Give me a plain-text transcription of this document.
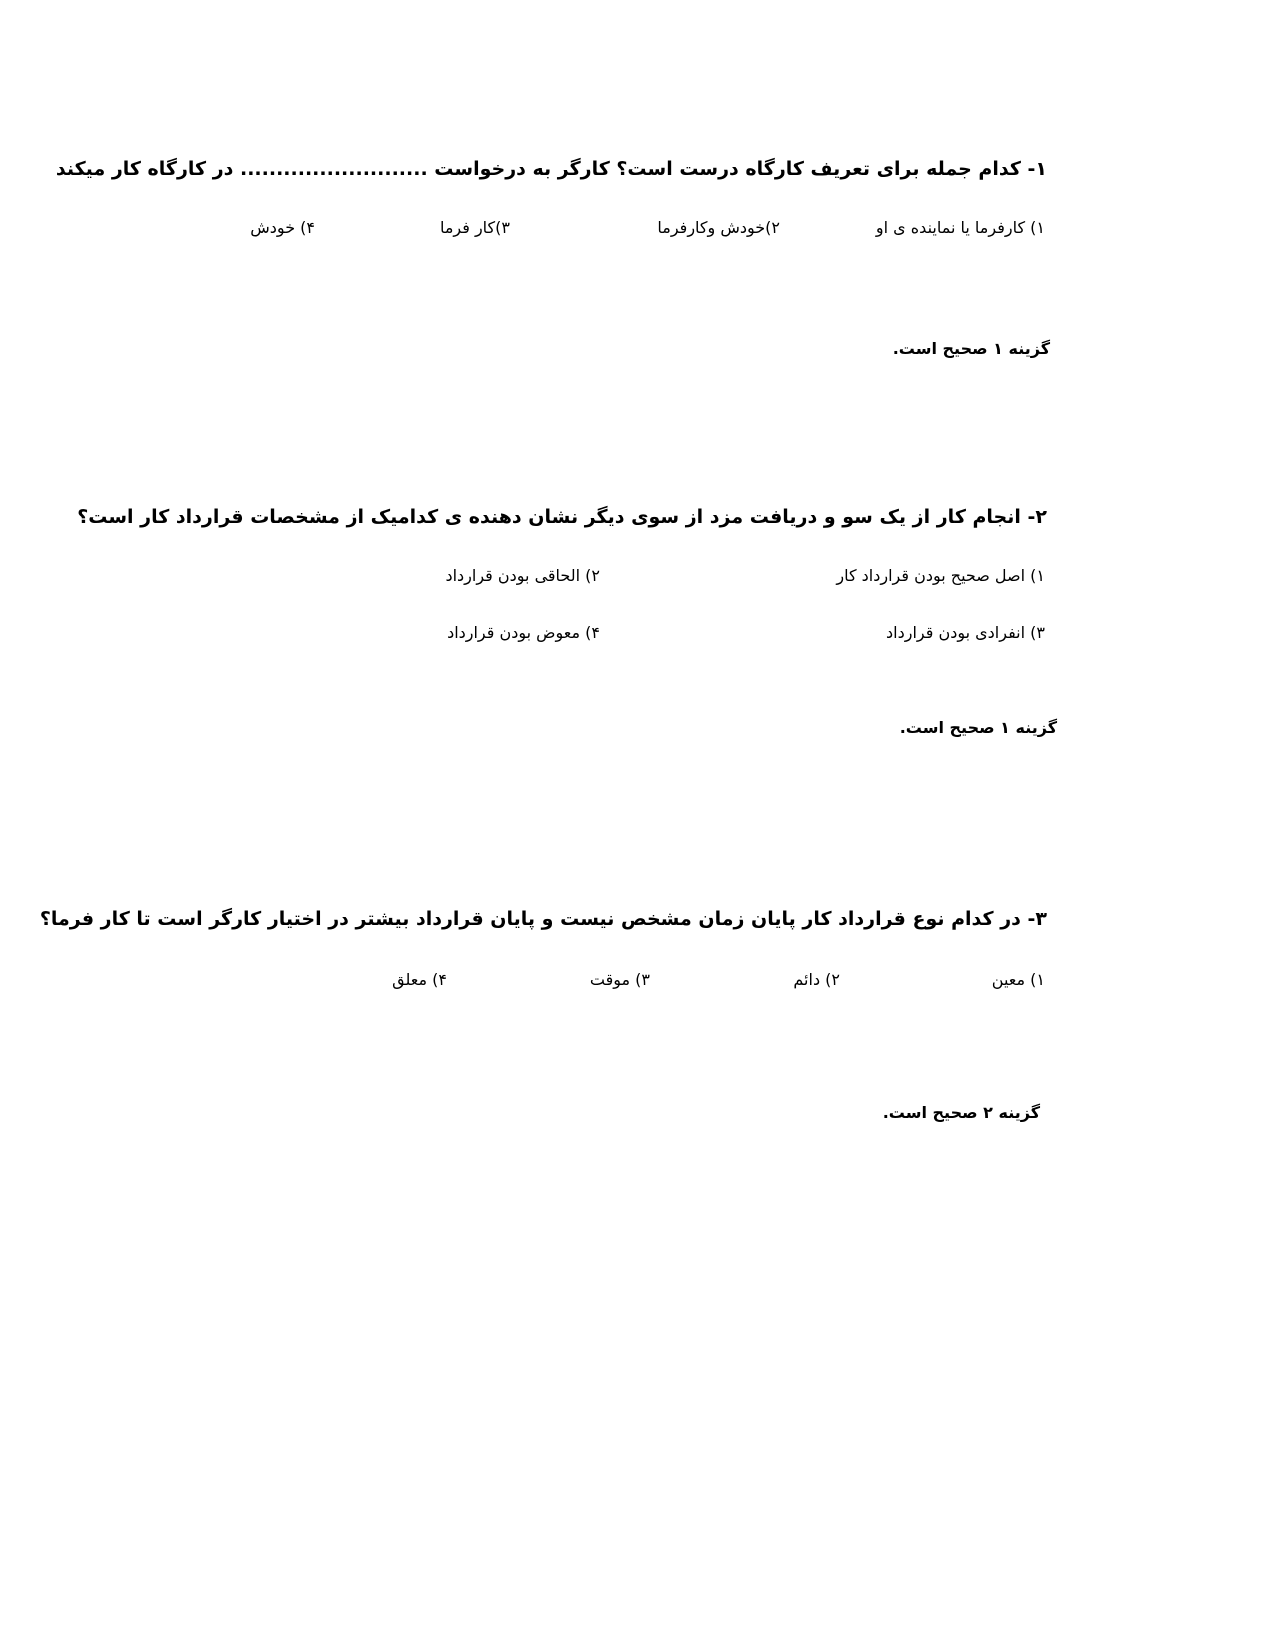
۱- کدام جمله برای تعریف کارگاه درست است؟ کارگر به درخواست .......................... در کارگاه کار میکند
۱) کارفرما یا نماینده ی او
۲)خودش وکارفرما
۳)کار فرما
۴) خودش
گزینه ۱ صحیح است.
۲- انجام کار از یک سو و دریافت مزد از سوی دیگر نشان دهنده ی کدامیک از مشخصات قرارداد کار است؟
۱) اصل صحیح بودن قرارداد کار
۲) الحاقی بودن قرارداد
۳) انفرادی بودن قرارداد
۴) معوض بودن قرارداد
گزینه ۱ صحیح است.
۳- در کدام نوع قرارداد کار پایان زمان مشخص نیست و پایان قرارداد بیشتر در اختیار کارگر است تا کار فرما؟
۱) معین
۲) دائم
۳) موقت
۴) معلق
گزینه ۲ صحیح است.
